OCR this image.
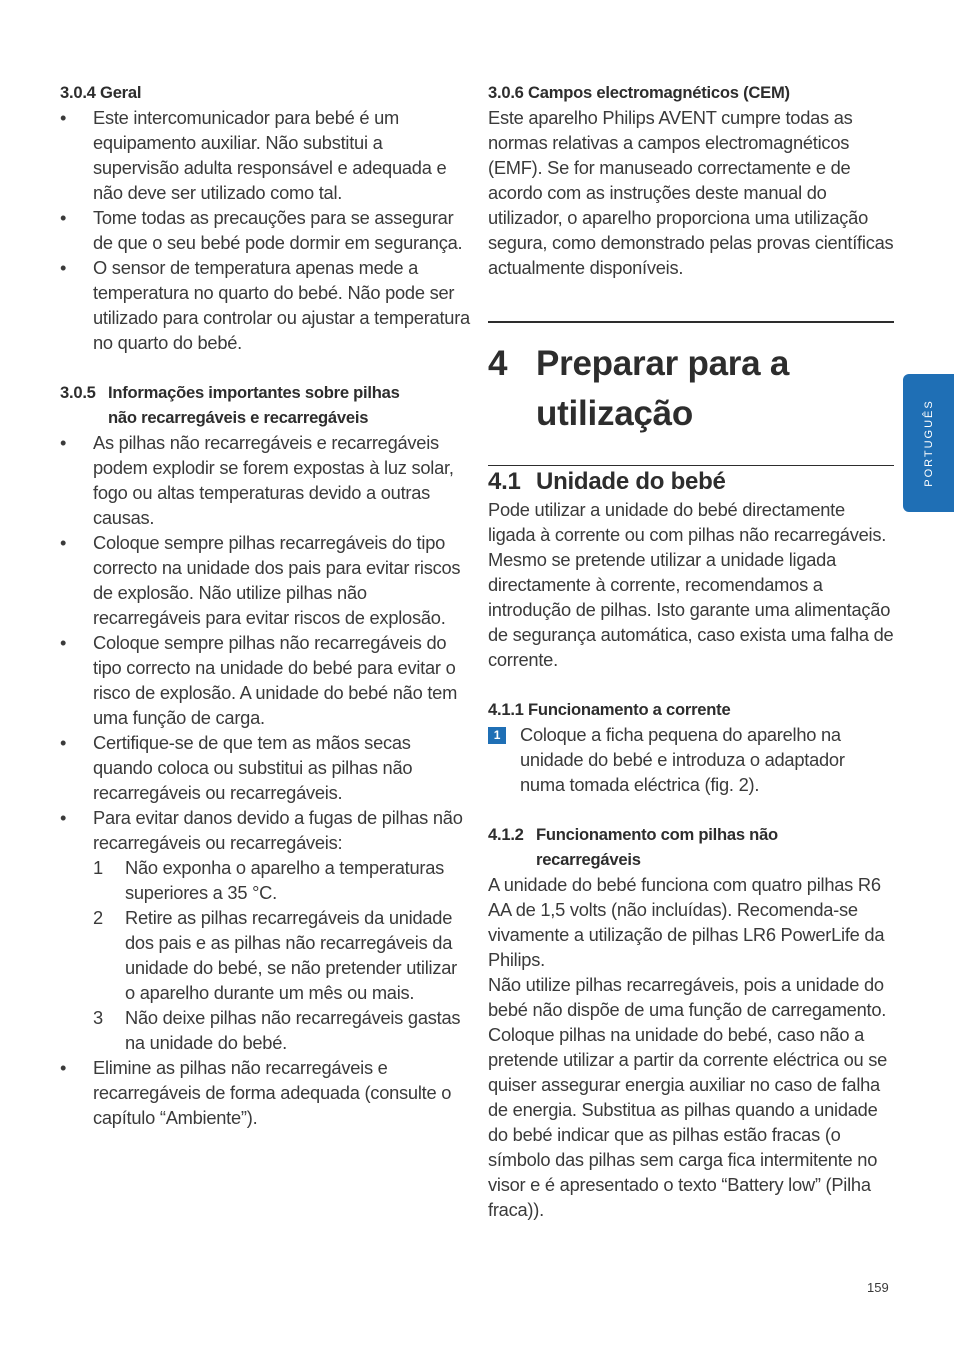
3.0.4 Geral
•	Este intercomunicador para bebé é um equipamento auxiliar. Não substitui a supervisão adulta responsável e adequada e não deve ser utilizado como tal.
•	Tome todas as precauções para se assegurar de que o seu bebé pode dormir em segurança.
•	O sensor de temperatura apenas mede a temperatura no quarto do bebé. Não pode ser utilizado para controlar ou ajustar a temperatura no quarto do bebé.
3.0.5 Informações importantes sobre pilhas
não recarregáveis e recarregáveis
•	As pilhas não recarregáveis e recarregáveis podem explodir se forem expostas à luz solar, fogo ou altas temperaturas devido a outras causas.
•	Coloque sempre pilhas recarregáveis do tipo correcto na unidade dos pais para evitar riscos de explosão. Não utilize pilhas não recarregáveis para evitar riscos de explosão.
•	Coloque sempre pilhas não recarregáveis do tipo correcto na unidade do bebé para evitar o risco de explosão. A unidade do bebé não tem uma função de carga.
•	Certifique-se de que tem as mãos secas quando coloca ou substitui as pilhas não recarregáveis ou recarregáveis.
•	Para evitar danos devido a fugas de pilhas não recarregáveis ou recarregáveis:
1 Não exponha o aparelho a temperaturas superiores a 35 °C.
2 Retire as pilhas recarregáveis da unidade dos pais e as pilhas não recarregáveis da unidade do bebé, se não pretender utilizar o aparelho durante um mês ou mais.
3 Não deixe pilhas não recarregáveis gastas na unidade do bebé.
•	Elimine as pilhas não recarregáveis e recarregáveis de forma adequada (consulte o capítulo “Ambiente”).
3.0.6 Campos electromagnéticos (CEM)

Este aparelho Philips AVENT cumpre todas as normas relativas a campos electromagnéticos (EMF). Se for manuseado correctamente e de acordo com as instruções deste manual do utilizador, o aparelho proporciona uma utilização segura, como demonstrado pelas provas científicas actualmente disponíveis.

4 Preparar para a
utilização
4.1 Unidade do bebé

Pode utilizar a unidade do bebé directamente ligada à corrente ou com pilhas não recarregáveis. Mesmo se pretende utilizar a unidade ligada directamente à corrente, recomendamos a introdução de pilhas. Isto garante uma alimentação de segurança automática, caso exista uma falha de corrente.

4.1.1 Funcionamento a corrente
1	Coloque a ficha pequena do aparelho na unidade do bebé e introduza o adaptador numa tomada eléctrica (fig. 2).
4.1.2 Funcionamento com pilhas não
recarregáveis

A unidade do bebé funciona com quatro pilhas R6 AA de 1,5 volts (não incluídas). Recomenda-se vivamente a utilização de pilhas LR6 PowerLife da Philips.

Não utilize pilhas recarregáveis, pois a unidade do bebé não dispõe de uma função de carregamento. Coloque pilhas na unidade do bebé, caso não a pretende utilizar a partir da corrente eléctrica ou se quiser assegurar energia auxiliar no caso de falha de energia. Substitua as pilhas quando a unidade do bebé indicar que as pilhas estão fracas (o símbolo das pilhas sem carga fica intermitente no visor e é apresentado o texto “Battery low” (Pilha fraca)).

PORTUGUÊS
159
